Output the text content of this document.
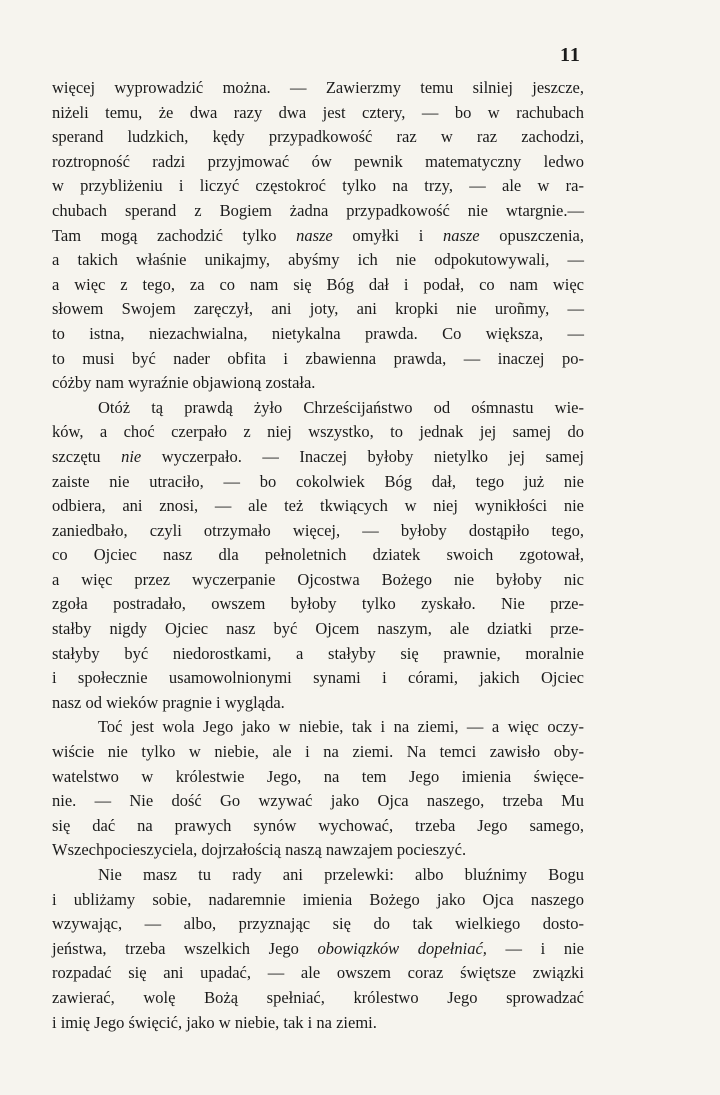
11
więcej wyprowadzić można. — Zawierzmy temu silniej jeszcze,
niżeli temu, że dwa razy dwa jest cztery, — bo w rachubach
sperand ludzkich, kędy przypadkowość raz w raz zachodzi,
roztropność radzi przyjmować ów pewnik matematyczny ledwo
w przybliżeniu i liczyć częstokroć tylko na trzy, — ale w ra-
chubach sperand z Bogiem żadna przypadkowość nie wtargnie.—
Tam mogą zachodzić tylko nasze omyłki i nasze opuszczenia,
a takich właśnie unikajmy, abyśmy ich nie odpokutowywali, —
a więc z tego, za co nam się Bóg dał i podał, co nam więc
słowem Swojem zaręczył, ani joty, ani kropki nie uroñmy, —
to istna, niezachwialna, nietykalna prawda. Co większa, —
to musi być nader obfita i zbawienna prawda, — inaczej po-
cóżby nam wyraźnie objawioną została.
Otóż tą prawdą żyło Chrześcijaństwo od ośmnastu wie-
ków, a choć czerpało z niej wszystko, to jednak jej samej do
szczętu nie wyczerpało. — Inaczej byłoby nietylko jej samej
zaiste nie utraciło, — bo cokolwiek Bóg dał, tego już nie
odbiera, ani znosi, — ale też tkwiących w niej wynikłości nie
zaniedbało, czyli otrzymało więcej, — byłoby dostąpiło tego,
co Ojciec nasz dla pełnoletnich dziatek swoich zgotował,
a więc przez wyczerpanie Ojcostwa Bożego nie byłoby nic
zgoła postradało, owszem byłoby tylko zyskało. Nie prze-
stałby nigdy Ojciec nasz być Ojcem naszym, ale dziatki prze-
stałyby być niedorostkami, a stałyby się prawnie, moralnie
i społecznie usamowolnionymi synami i córami, jakich Ojciec
nasz od wieków pragnie i wygląda.
Toć jest wola Jego jako w niebie, tak i na ziemi, — a więc oczy-
wiście nie tylko w niebie, ale i na ziemi. Na temci zawisło oby-
watelstwo w królestwie Jego, na tem Jego imienia święce-
nie. — Nie dość Go wzywać jako Ojca naszego, trzeba Mu
się dać na prawych synów wychować, trzeba Jego samego,
Wszechpocieszyciela, dojrzałością naszą nawzajem pocieszyć.
Nie masz tu rady ani przelewki: albo bluźnimy Bogu
i ubliżamy sobie, nadaremnie imienia Bożego jako Ojca naszego
wzywając, — albo, przyznając się do tak wielkiego dosto-
jeństwa, trzeba wszelkich Jego obowiązków dopełniać, — i nie
rozpadać się ani upadać, — ale owszem coraz świętsze związki
zawierać, wolę Bożą spełniać, królestwo Jego sprowadzać
i imię Jego święcić, jako w niebie, tak i na ziemi.
